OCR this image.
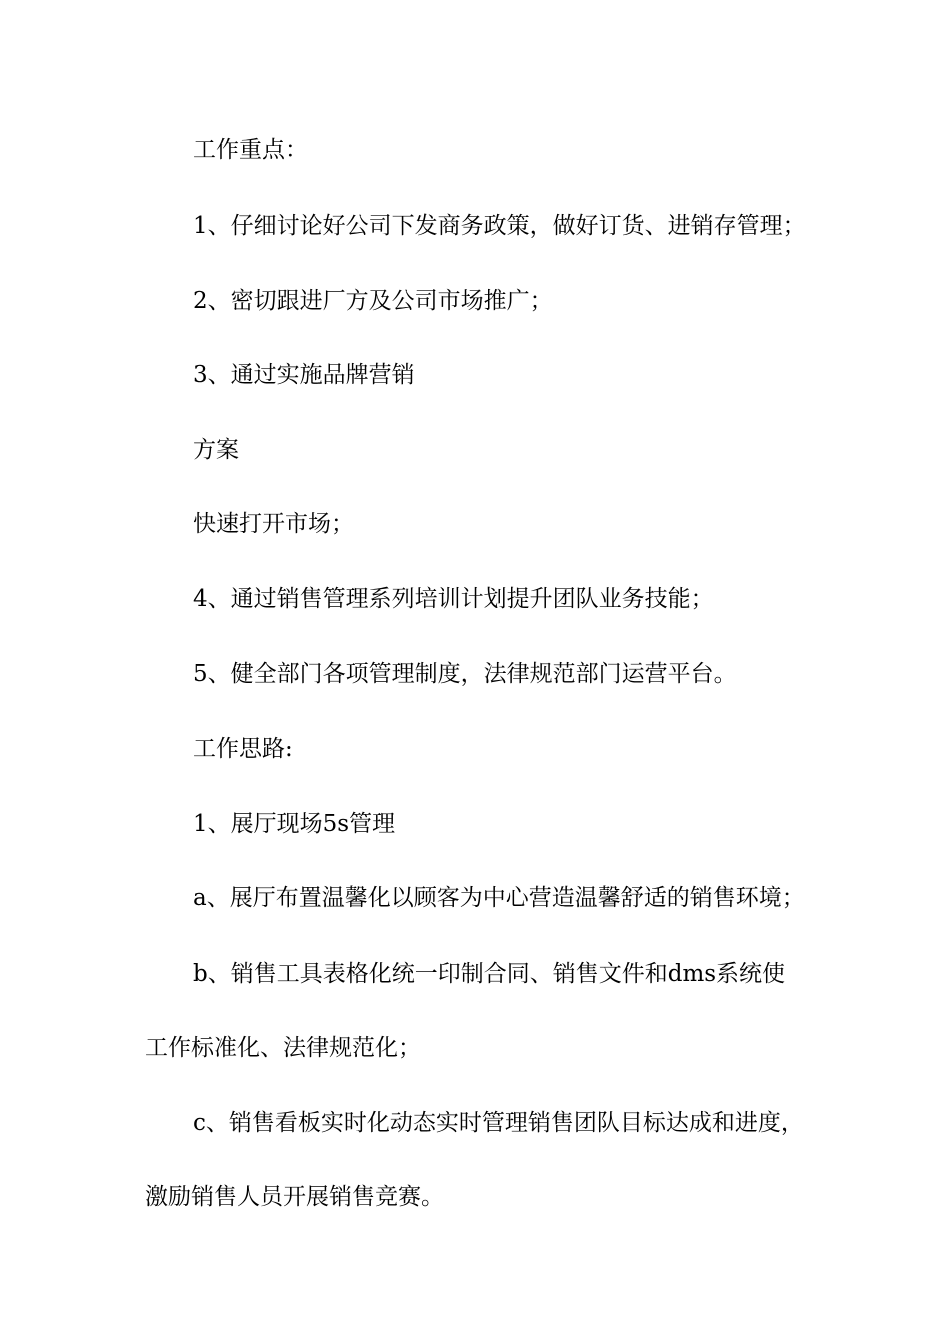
工作重点：

1、仔细讨论好公司下发商务政策，做好订货、进销存管理；

2、密切跟进厂方及公司市场推广；

3、通过实施品牌营销

方案

快速打开市场；

4、通过销售管理系列培训计划提升团队业务技能；

5、健全部门各项管理制度，法律规范部门运营平台。

工作思路:

1、展厅现场5s管理

a、展厅布置温馨化以顾客为中心营造温馨舒适的销售环境；

b、销售工具表格化统一印制合同、销售文件和dms系统使

工作标准化、法律规范化；

c、销售看板实时化动态实时管理销售团队目标达成和进度，

激励销售人员开展销售竞赛。
